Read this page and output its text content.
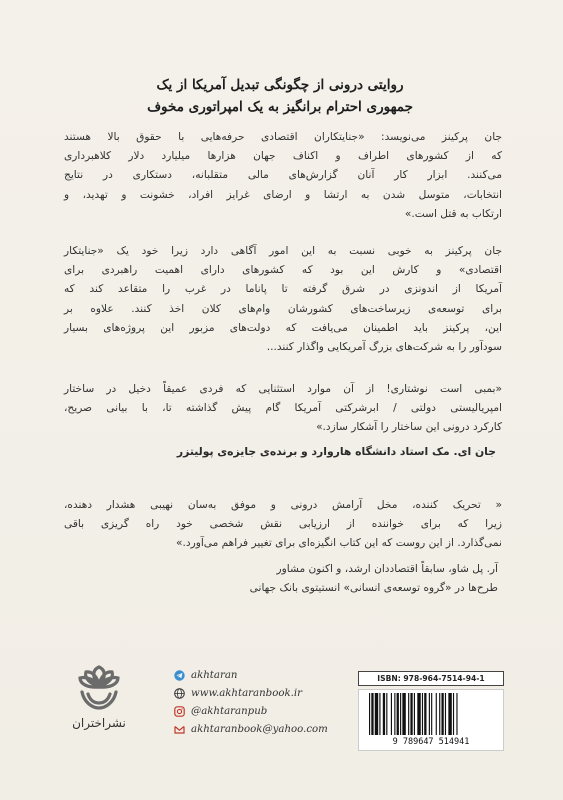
روایتی درونی از چگونگی تبدیل آمریکا از یک
جمهوری احترام برانگیز به یک امپراتوری مخوف
جان پرکینز می‌نویسد: «جنایتکاران اقتصادی حرفه‌هایی با حقوق بالا هستند
که از کشورهای اطراف و اکناف جهان هزارها میلیارد دلار کلاهبرداری
می‌کنند. ابزار کار آنان گزارش‌های مالی متقلبانه، دستکاری در نتایج
انتخابات، متوسل شدن به ارتشا و ارضای غرایز افراد، خشونت و تهدید، و
ارتکاب به قتل است.»
جان پرکینز به خوبی نسبت به این امور آگاهی دارد زیرا خود یک «جنایتکار
اقتصادی» و کارش این بود که کشورهای دارای اهمیت راهبردی برای
آمریکا از اندونزی در شرق گرفته تا پاناما در غرب را متقاعد کند که
برای توسعه‌ی زیرساخت‌های کشورشان وام‌های کلان اخذ کنند. علاوه بر
این، پرکینز باید اطمینان می‌یافت که دولت‌های مزبور این پروژه‌های بسیار
سودآور را به شرکت‌های بزرگ آمریکایی واگذار کنند...
«بمبی است نوشتاری! از آن موارد استثنایی که فردی عمیقاً دخیل در ساختار
امپریالیستی دولتی / ابرشرکتی آمریکا گام پیش گذاشته تا، با بیانی صریح،
کارکرد درونی این ساختار را آشکار سازد.»
جان ای. مک استاد دانشگاه هاروارد و برنده‌ی جایزه‌ی پولیتزر
« تحریک کننده، مخل آرامش درونی و موفق به‌سان نهیبی هشدار دهنده،
زیرا که برای خواننده از ارزیابی نقش شخصی خود راه گریزی باقی
نمی‌گذارد. از این روست که این کتاب انگیزه‌ای برای تغییر فراهم می‌آورد.»
آر. پل شاو، سابقاً اقتصاددان ارشد، و اکنون مشاور
طرح‌ها در «گروه توسعه‌ی انسانی» انستیتوی بانک جهانی
نشراختران
akhtaran
www.akhtaranbook.ir
@akhtaranpub
akhtaranbook@yahoo.com
ISBN: 978-964-7514-94-1
9 789647 514941
